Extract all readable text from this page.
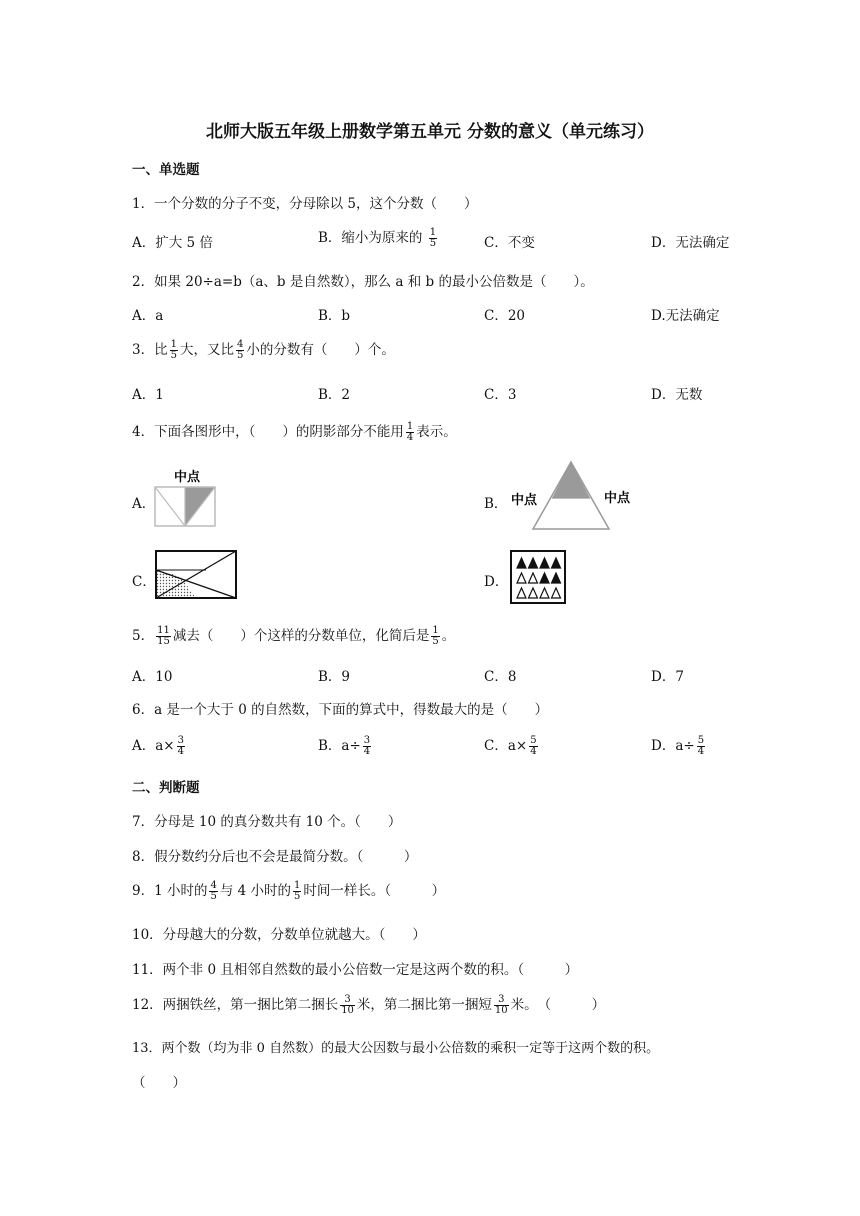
北师大版五年级上册数学第五单元 分数的意义（单元练习）
一、单选题
1．一个分数的分子不变，分母除以 5，这个分数（　　）
A．扩大 5 倍	B．缩小为原来的 $\frac{1}{5}$	C．不变	D．无法确定
2．如果 20÷a=b（a、b 是自然数），那么 a 和 b 的最小公倍数是（　　）。
A．a	B．b	C．20	D.无法确定
3．比 $\frac{1}{5}$ 大，又比 $\frac{4}{5}$ 小的分数有（　　）个。
A．1	B．2	C．3	D．无数
4．下面各图形中，（　　）的阴影部分不能用 $\frac{1}{4}$ 表示。
A．
中点
B． 中点	中点
C．	D．
5． $\frac{11}{15}$ 减去（　　）个这样的分数单位，化简后是 $\frac{1}{5}$ 。
A．10	B．9	C．8	D．7
6．a 是一个大于 0 的自然数，下面的算式中，得数最大的是（　　）
A．$a\times \frac{3}{4}$	B．$a\div \frac{3}{4}$	C．$a\times \frac{5}{4}$	D．$a\div \frac{5}{4}$
二、判断题
7．分母是 10 的真分数共有 10 个。（　　）
8．假分数约分后也不会是最简分数。（　　　）
9．1 小时的 $\frac{4}{5}$ 与 4 小时的 $\frac{1}{5}$ 时间一样长。（　　　）
10．分母越大的分数，分数单位就越大。（　　）
11．两个非 0 且相邻自然数的最小公倍数一定是这两个数的积。（　　　）
12．两捆铁丝，第一捆比第二捆长 $\frac{3}{10}$ 米，第二捆比第一捆短 $\frac{3}{10}$ 米。　（　　　）
13．两个数（均为非 0 自然数）的最大公因数与最小公倍数的乘积一定等于这两个数的积。
（　　）
